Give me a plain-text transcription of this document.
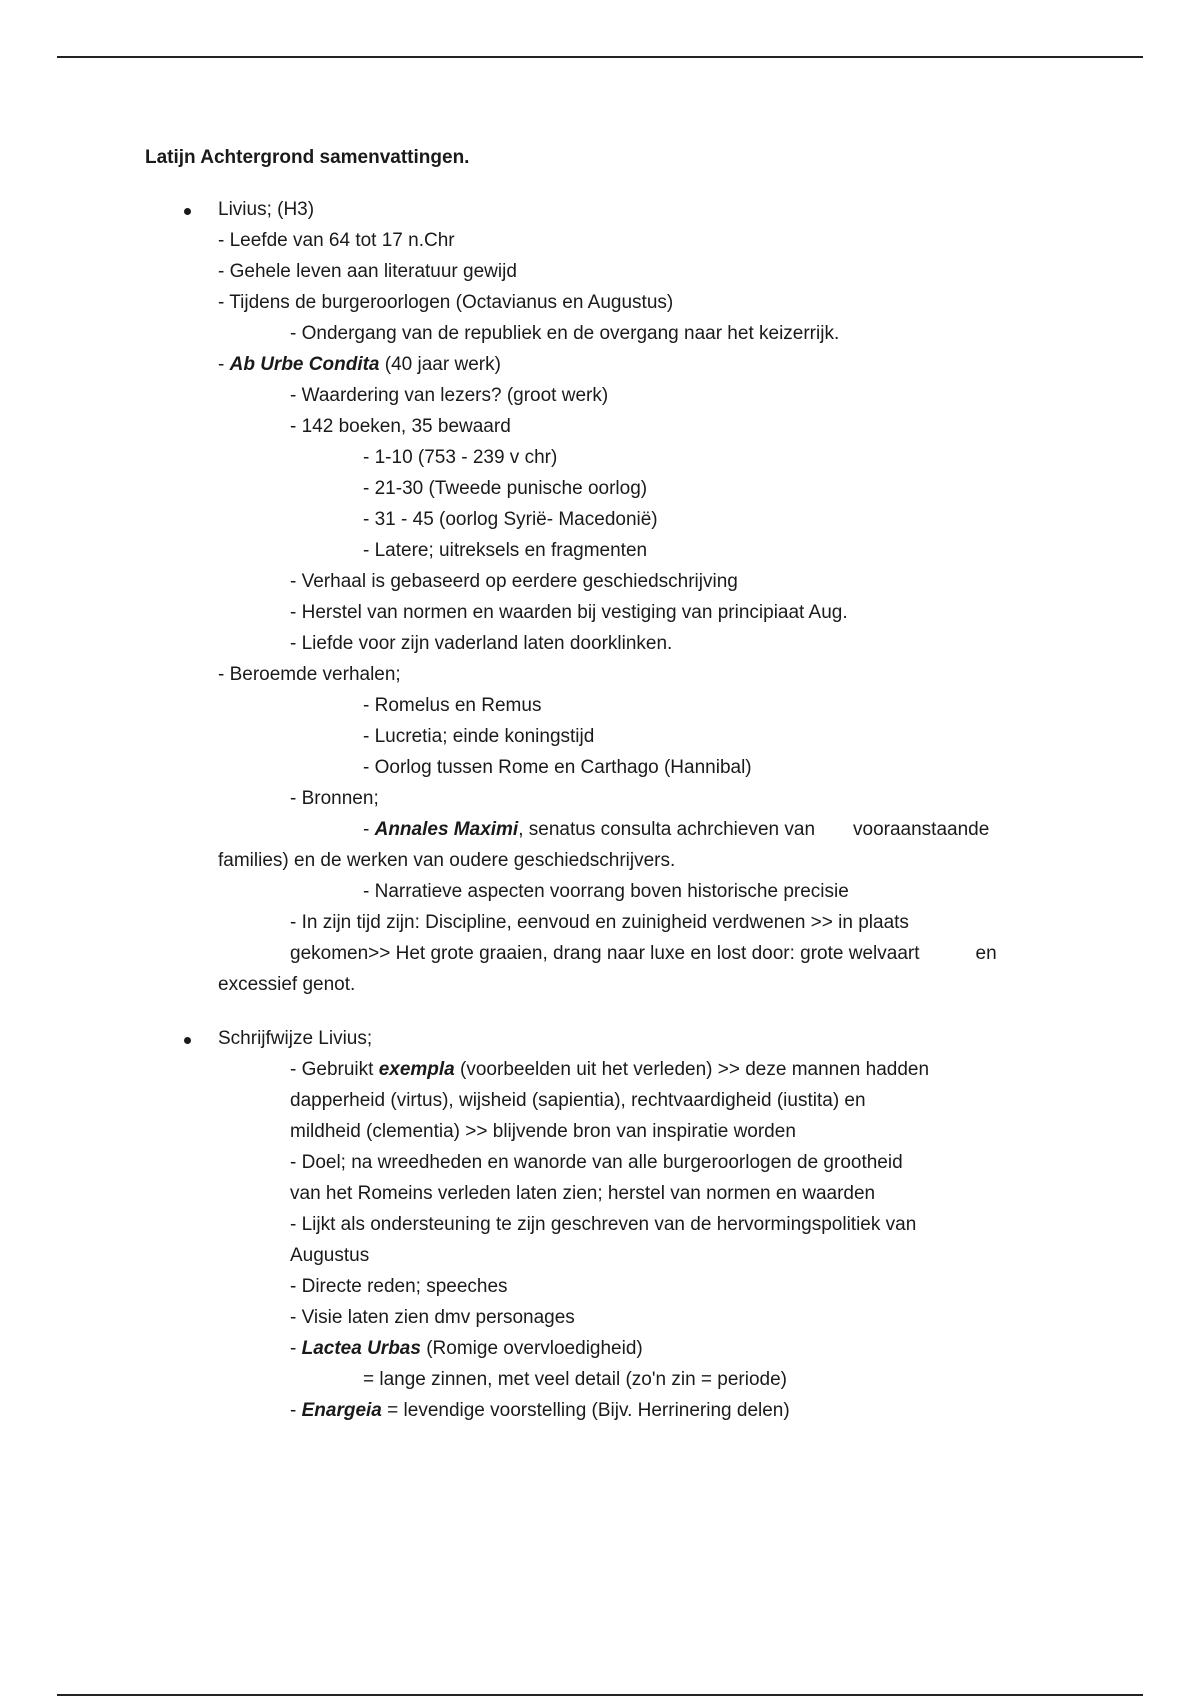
Latijn Achtergrond samenvattingen.
Livius; (H3)
- Leefde van 64 tot 17 n.Chr
- Gehele leven aan literatuur gewijd
- Tijdens de burgeroorlogen (Octavianus en Augustus)
- Ondergang van de republiek en de overgang naar het keizerrijk.
- Ab Urbe Condita (40 jaar werk)
- Waardering van lezers? (groot werk)
- 142 boeken, 35 bewaard
- 1-10 (753 - 239 v chr)
- 21-30 (Tweede punische oorlog)
- 31 - 45 (oorlog Syrië- Macedonië)
- Latere; uitreksels en fragmenten
- Verhaal is gebaseerd op eerdere geschiedschrijving
- Herstel van normen en waarden bij vestiging van principiaat Aug.
- Liefde voor zijn vaderland laten doorklinken.
- Beroemde verhalen;
- Romelus en Remus
- Lucretia; einde koningstijd
- Oorlog tussen Rome en Carthago (Hannibal)
- Bronnen;
- Annales Maximi, senatus consulta achrchieven van vooraanstaande
families) en de werken van oudere geschiedschrijvers.
- Narratieve aspecten voorrang boven historische precisie
- In zijn tijd zijn: Discipline, eenvoud en zuinigheid verdwenen >> in plaats
gekomen>> Het grote graaien, drang naar luxe en lost door: grote welvaart	en
excessief genot.
Schrijfwijze Livius;
- Gebruikt exempla (voorbeelden uit het verleden) >> deze mannen hadden
dapperheid (virtus), wijsheid (sapientia), rechtvaardigheid (iustita) en
mildheid (clementia) >> blijvende bron van inspiratie worden
- Doel; na wreedheden en wanorde van alle burgeroorlogen de grootheid
van het Romeins verleden laten zien; herstel van normen en waarden
- Lijkt als ondersteuning te zijn geschreven van de hervormingspolitiek van
Augustus
- Directe reden; speeches
- Visie laten zien dmv personages
- Lactea Urbas (Romige overvloedigheid)
= lange zinnen, met veel detail (zo'n zin = periode)
- Enargeia = levendige voorstelling (Bijv. Herrinering delen)
